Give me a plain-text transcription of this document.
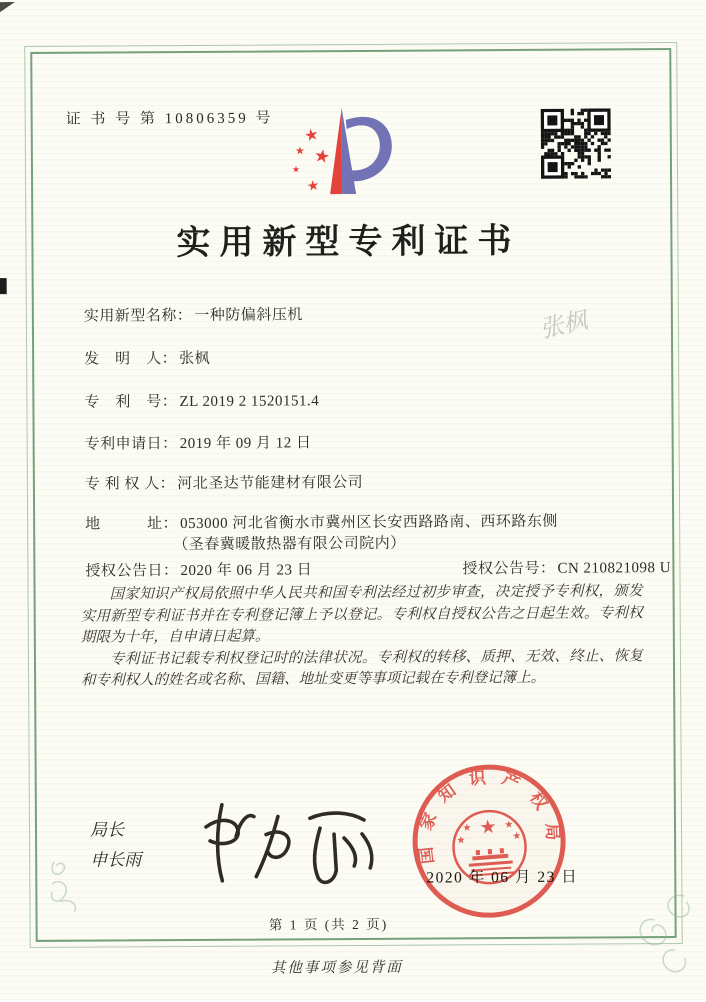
证 书 号 第 10806359 号
★
★ ★
★
★
实用新型专利证书
实用新型名称： 一种防偏斜压机
发　明　人： 张枫
专　利　号： ZL 2019 2 1520151.4
专利申请日： 2019 年 09 月 12 日
专 利 权 人： 河北圣达节能建材有限公司
地　　　址： 053000 河北省衡水市冀州区长安西路路南、西环路东侧
（圣春冀暖散热器有限公司院内）
授权公告日： 2020 年 06 月 23 日	授权公告号： CN 210821098 U

国家知识产权局依照中华人民共和国专利法经过初步审查，决定授予专利权，颁发实用新型专利证书并在专利登记簿上予以登记。专利权自授权公告之日起生效。专利权期限为十年，自申请日起算。

专利证书记载专利权登记时的法律状况。专利权的转移、质押、无效、终止、恢复和专利权人的姓名或名称、国籍、地址变更等事项记载在专利登记簿上。

局长
申长雨	国家知识产权局
★
★
★
★
★
2020 年 06 月 23 日
第 1 页 (共 2 页)
其他事项参见背面
张枫
